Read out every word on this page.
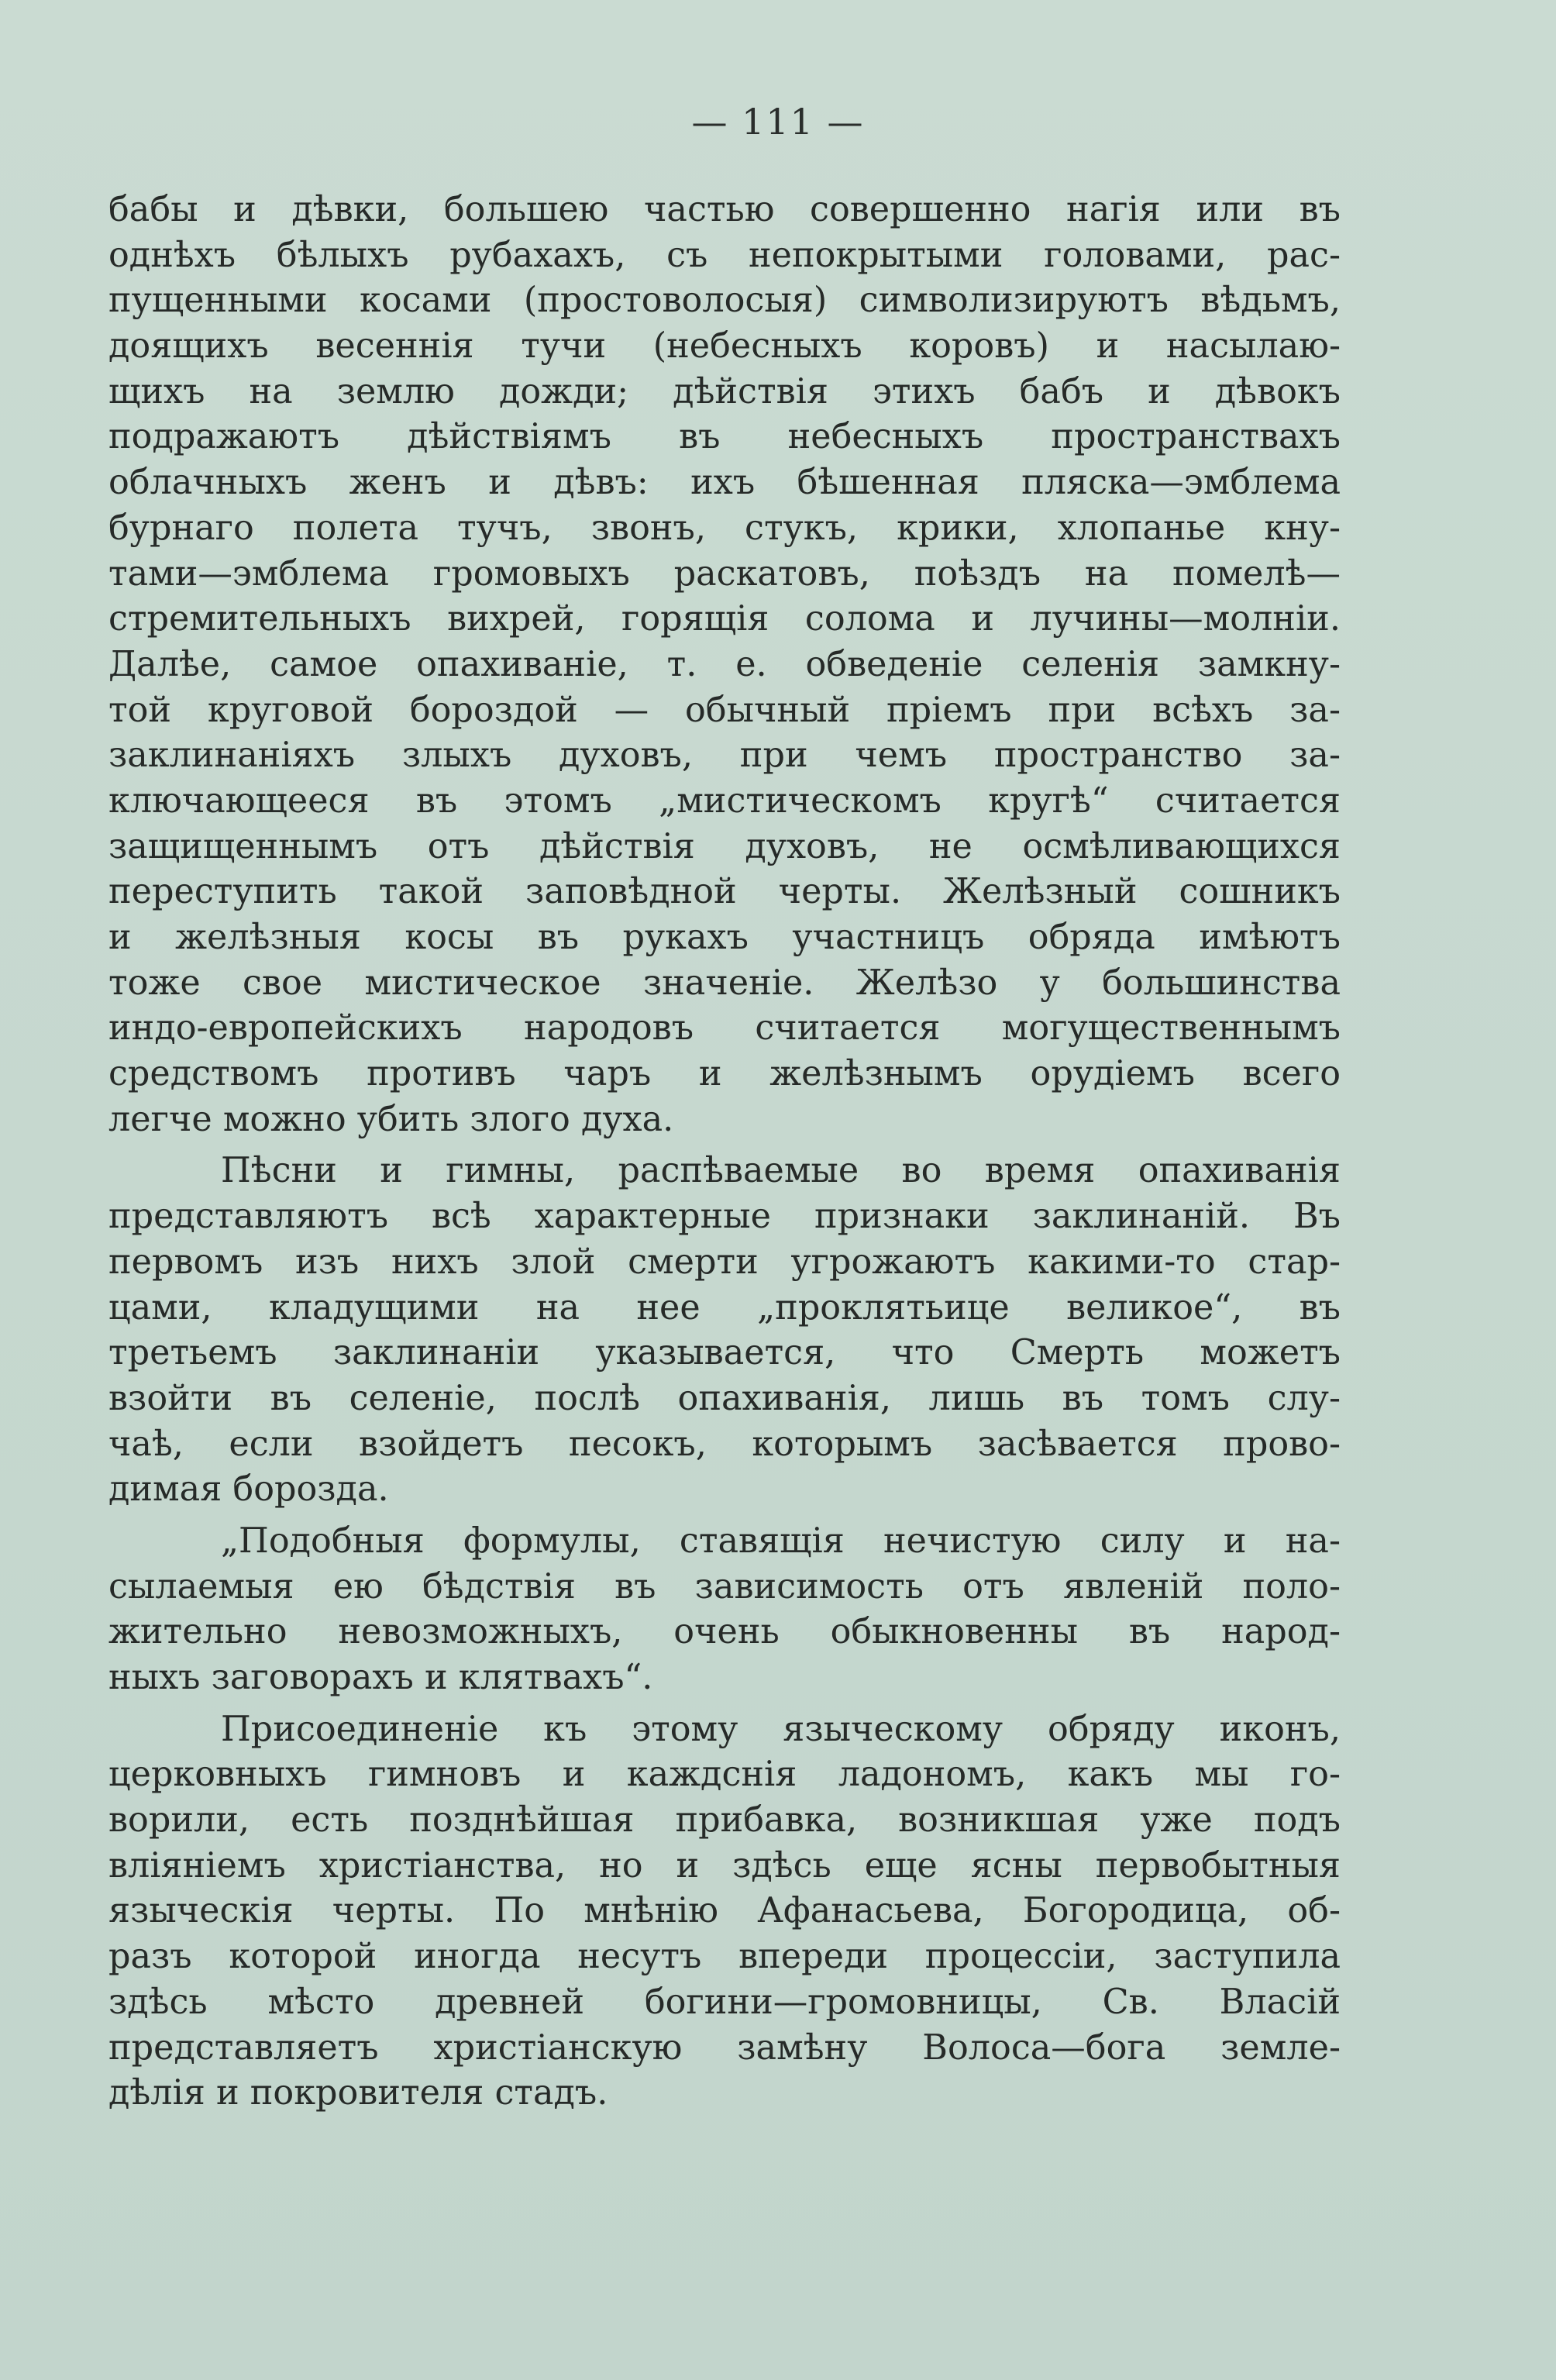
— 111 —
бабы и дѣвки, большею частью совершенно нагія или въ
однѣхъ бѣлыхъ рубахахъ, съ непокрытыми головами, рас-
пущенными косами (простоволосыя) символизируютъ вѣдьмъ,
доящихъ весеннія тучи (небесныхъ коровъ) и насылаю-
щихъ на землю дожди; дѣйствія этихъ бабъ и дѣвокъ
подражаютъ дѣйствіямъ въ небесныхъ пространствахъ
облачныхъ женъ и дѣвъ: ихъ бѣшенная пляска—эмблема
бурнаго полета тучъ, звонъ, стукъ, крики, хлопанье кну-
тами—эмблема громовыхъ раскатовъ, поѣздъ на помелѣ—
стремительныхъ вихрей, горящія солома и лучины—молніи.
Далѣе, самое опахиваніе, т. е. обведеніе селенія замкну-
той круговой бороздой — обычный пріемъ при всѣхъ за-
заклинаніяхъ злыхъ духовъ, при чемъ пространство за-
ключающееся въ этомъ „мистическомъ кругѣ“ считается
защищеннымъ отъ дѣйствія духовъ, не осмѣливающихся
переступить такой заповѣдной черты. Желѣзный сошникъ
и желѣзныя косы въ рукахъ участницъ обряда имѣютъ
тоже свое мистическое значеніе. Желѣзо у большинства
индо-европейскихъ народовъ считается могущественнымъ
средствомъ противъ чаръ и желѣзнымъ орудіемъ всего
легче можно убить злого духа.
Пѣсни и гимны, распѣваемые во время опахиванія
представляютъ всѣ характерные признаки заклинаній. Въ
первомъ изъ нихъ злой смерти угрожаютъ какими-то стар-
цами, кладущими на нее „проклятьице великое“, въ
третьемъ заклинаніи указывается, что Смерть можетъ
взойти въ селеніе, послѣ опахиванія, лишь въ томъ слу-
чаѣ, если взойдетъ песокъ, которымъ засѣвается прово-
димая борозда.
„Подобныя формулы, ставящія нечистую силу и на-
сылаемыя ею бѣдствія въ зависимость отъ явленій поло-
жительно невозможныхъ, очень обыкновенны въ народ-
ныхъ заговорахъ и клятвахъ“.
Присоединеніе къ этому языческому обряду иконъ,
церковныхъ гимновъ и каждснія ладономъ, какъ мы го-
ворили, есть позднѣйшая прибавка, возникшая уже подъ
вліяніемъ христіанства, но и здѣсь еще ясны первобытныя
языческія черты. По мнѣнію Афанасьева, Богородица, об-
разъ которой иногда несутъ впереди процессіи, заступила
здѣсь мѣсто древней богини—громовницы, Св. Власій
представляетъ христіанскую замѣну Волоса—бога земле-
дѣлія и покровителя стадъ.
